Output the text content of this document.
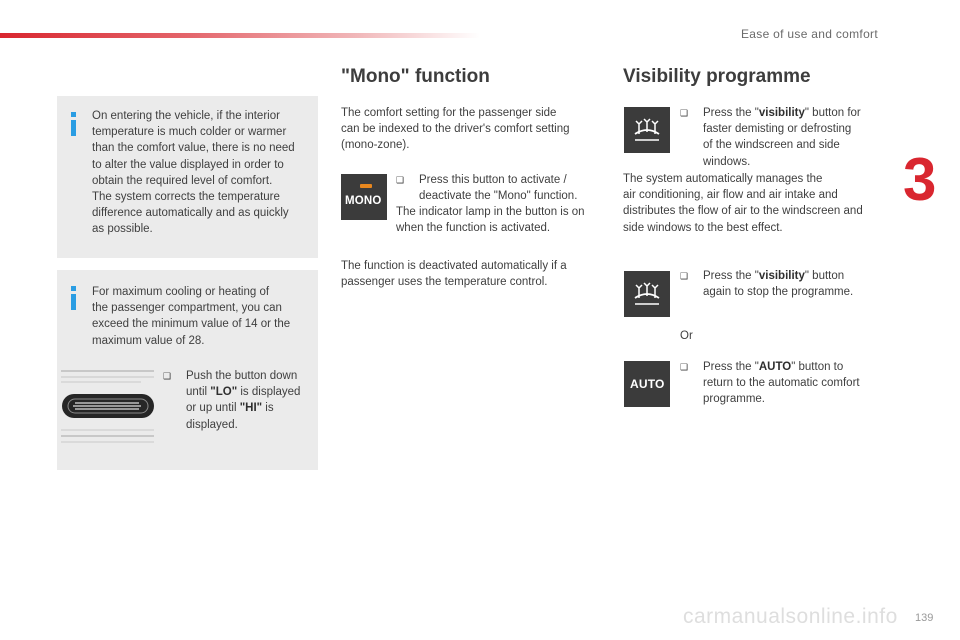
Ease of use and comfort
3
On entering the vehicle, if the interior
temperature is much colder or warmer
than the comfort value, there is no need
to alter the value displayed in order to
obtain the required level of comfort.
The system corrects the temperature
difference automatically and as quickly
as possible.
For maximum cooling or heating of
the passenger compartment, you can
exceed the minimum value of 14 or the
maximum value of 28.
❑ Push the button down
until "LO" is displayed
or up until "HI" is
displayed.
"Mono" function
The comfort setting for the passenger side
can be indexed to the driver's comfort setting
(mono-zone).
MONO
❑ Press this button to activate /
deactivate the "Mono" function.
The indicator lamp in the button is on
when the function is activated.
The function is deactivated automatically if a
passenger uses the temperature control.
Visibility programme
❑ Press the "visibility" button for
faster demisting or defrosting
of the windscreen and side
windows.
The system automatically manages the
air conditioning, air flow and air intake and
distributes the flow of air to the windscreen and
side windows to the best effect.
❑ Press the "visibility" button
again to stop the programme.
Or
AUTO
❑ Press the "AUTO" button to
return to the automatic comfort
programme.
carmanualsonline.info 139
